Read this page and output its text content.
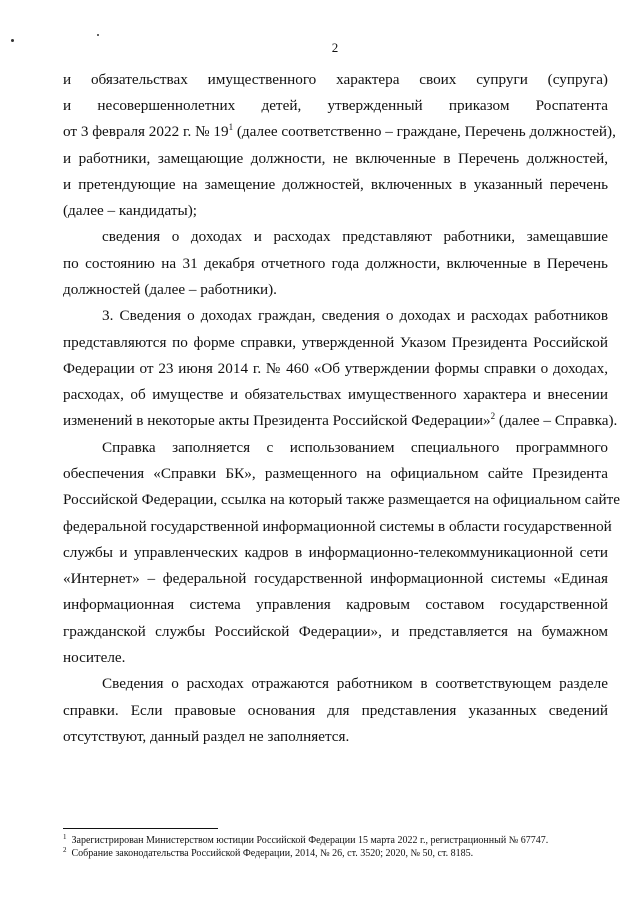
2
и обязательствах имущественного характера своих супруги (супруга)
и несовершеннолетних детей, утвержденный приказом Роспатента
от 3 февраля 2022 г. № $19^1$ (далее соответственно – граждане, Перечень должностей),
и работники, замещающие должности, не включенные в Перечень должностей,
и претендующие на замещение должностей, включенных в указанный перечень
(далее – кандидаты);
сведения о доходах и расходах представляют работники, замещавшие
по состоянию на 31 декабря отчетного года должности, включенные в Перечень
должностей (далее – работники).
3. Сведения о доходах граждан, сведения о доходах и расходах работников
представляются по форме справки, утвержденной Указом Президента Российской
Федерации от 23 июня 2014 г. № 460 «Об утверждении формы справки о доходах,
расходах, об имуществе и обязательствах имущественного характера и внесении
изменений в некоторые акты Президента Российской Федерации»$^2$ (далее – Справка).
Справка заполняется с использованием специального программного
обеспечения «Справки БК», размещенного на официальном сайте Президента
Российской Федерации, ссылка на который также размещается на официальном сайте
федеральной государственной информационной системы в области государственной
службы и управленческих кадров в информационно-телекоммуникационной сети
«Интернет» – федеральной государственной информационной системы «Единая
информационная система управления кадровым составом государственной
гражданской службы Российской Федерации», и представляется на бумажном
носителе.
Сведения о расходах отражаются работником в соответствующем разделе
справки. Если правовые основания для представления указанных сведений
отсутствуют, данный раздел не заполняется.
$^1$ Зарегистрирован Министерством юстиции Российской Федерации 15 марта 2022 г., регистрационный № 67747.
$^2$ Собрание законодательства Российской Федерации, 2014, № 26, ст. 3520; 2020, № 50, ст. 8185.
